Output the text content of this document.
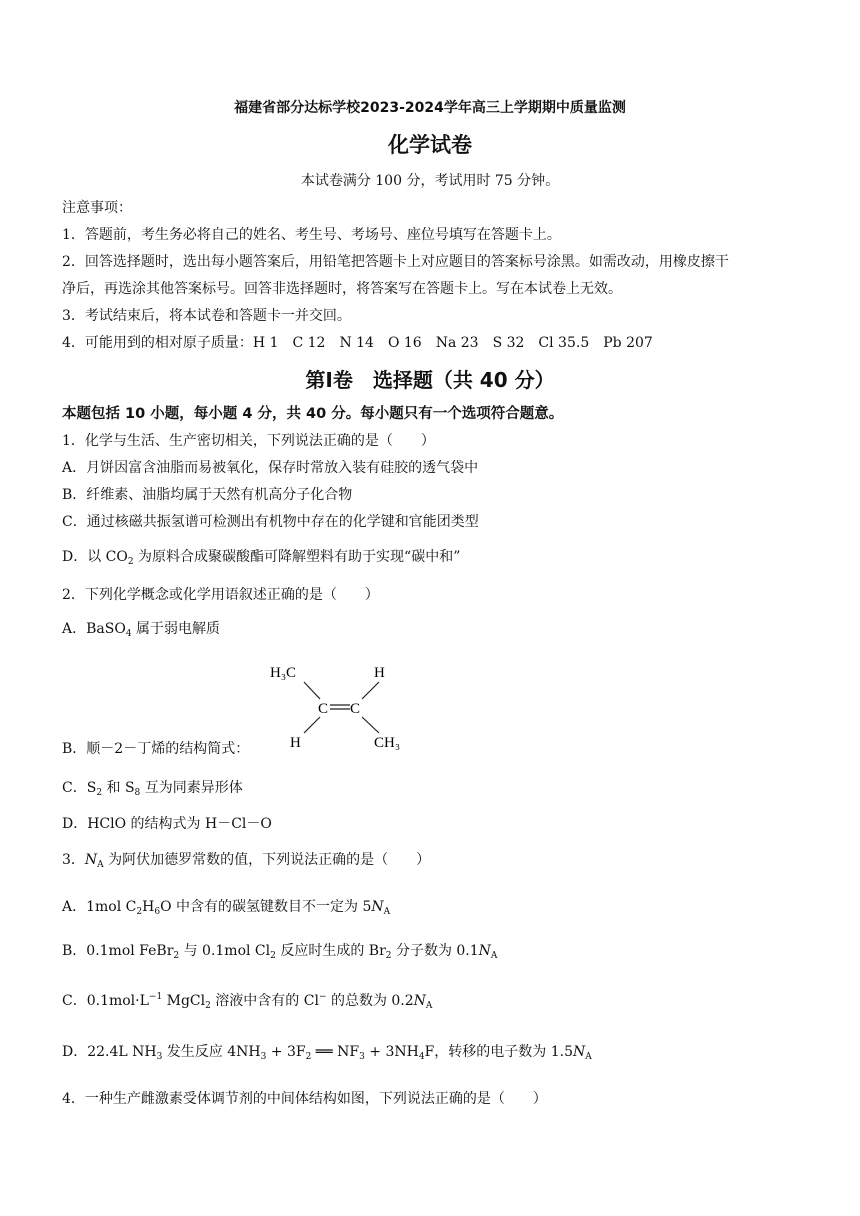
福建省部分达标学校2023-2024学年高三上学期期中质量监测
化学试卷
本试卷满分 100 分，考试用时 75 分钟。
注意事项：
1．答题前，考生务必将自己的姓名、考生号、考场号、座位号填写在答题卡上。
2．回答选择题时，选出每小题答案后，用铅笔把答题卡上对应题目的答案标号涂黑。如需改动，用橡皮擦干
净后，再选涂其他答案标号。回答非选择题时，将答案写在答题卡上。写在本试卷上无效。
3．考试结束后，将本试卷和答题卡一并交回。
4．可能用到的相对原子质量：H 1　C 12　N 14　O 16　Na 23　S 32　Cl 35.5　Pb 207
第Ⅰ卷　选择题（共 40 分）
本题包括 10 小题，每小题 4 分，共 40 分。每小题只有一个选项符合题意。
1．化学与生活、生产密切相关，下列说法正确的是（　　）
A．月饼因富含油脂而易被氧化，保存时常放入装有硅胶的透气袋中
B．纤维素、油脂均属于天然有机高分子化合物
C．通过核磁共振氢谱可检测出有机物中存在的化学键和官能团类型
D．以 $CO_2$ 为原料合成聚碳酸酯可降解塑料有助于实现“碳中和”
2．下列化学概念或化学用语叙述正确的是（　　）
A．BaSO$_4$ 属于弱电解质
H₃C	H
C C
H	CH₃
B．顺－2－丁烯的结构简式：
C．$S_2$ 和 $S_8$ 互为同素异形体
D．HClO 的结构式为 H－Cl－O
3．$N_A$ 为阿伏加德罗常数的值，下列说法正确的是（　　）
A．1mol $C_2H_6O$ 中含有的碳氢键数目不一定为 $5N_A$
B．0.1mol FeBr$_2$ 与 0.1mol $Cl_2$ 反应时生成的 $Br_2$ 分子数为 $0.1N_A$
C．$0.1mol\cdot L^{-1}$ MgCl$_2$ 溶液中含有的 Cl− 的总数为 $0.2N_A$
D．22.4L $NH_3$ 发生反应 $4NH_3 + 3F_2$ ══ $NF_3 + 3NH_4F$，转移的电子数为 $1.5N_A$
4．一种生产雌激素受体调节剂的中间体结构如图，下列说法正确的是（　　）
